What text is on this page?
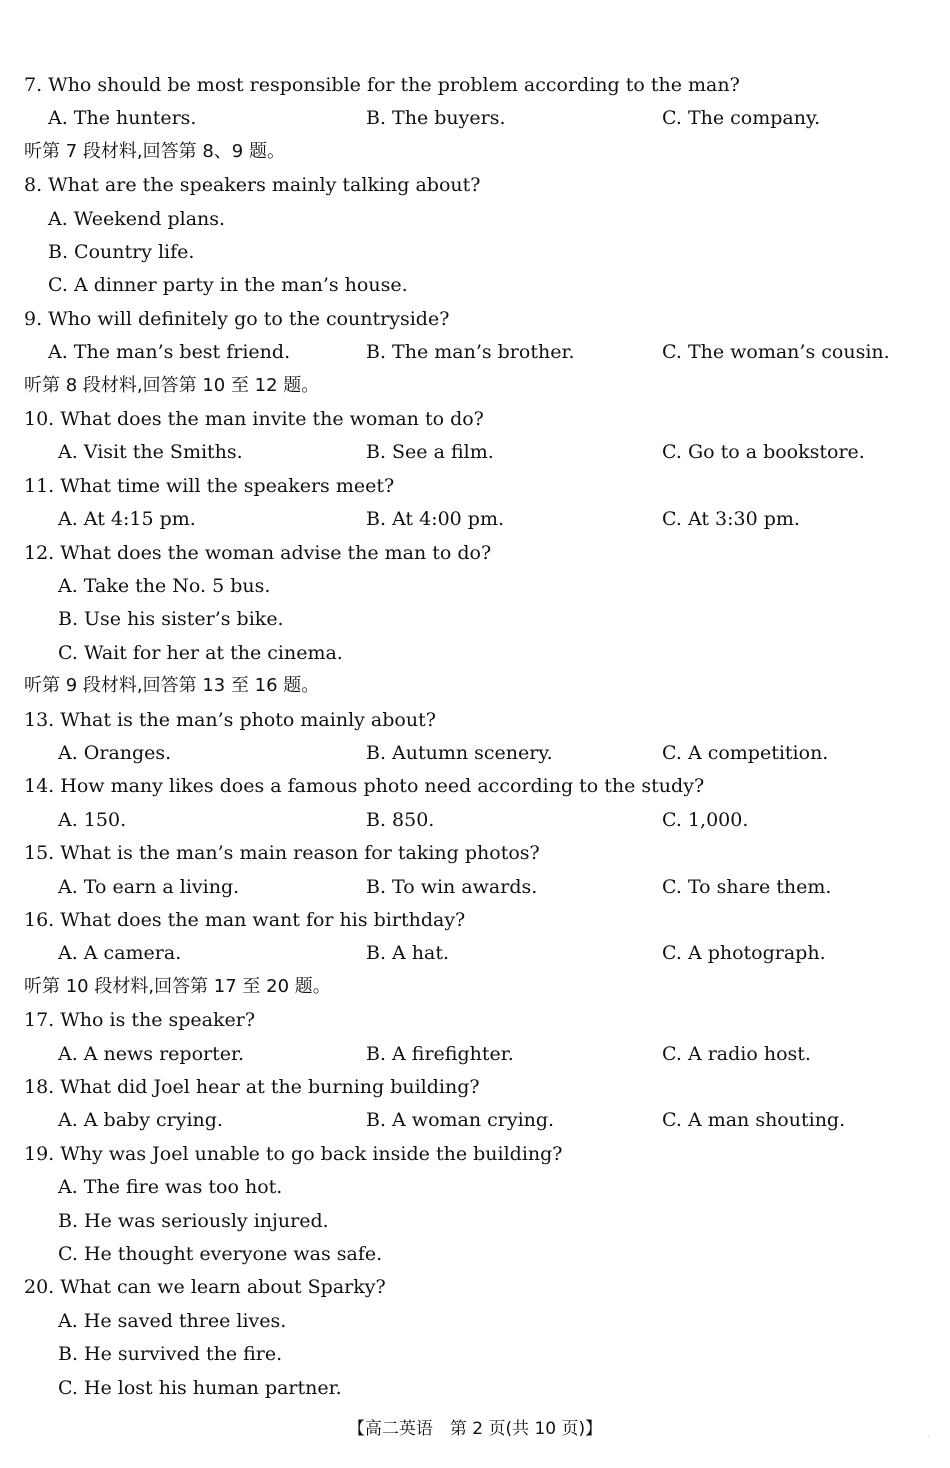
7. Who should be most responsible for the problem according to the man?
A. The hunters.	B. The buyers.	C. The company.
听第 7 段材料,回答第 8、9 题。
8. What are the speakers mainly talking about?
A. Weekend plans.
B. Country life.
C. A dinner party in the man’s house.
9. Who will definitely go to the countryside?
A. The man’s best friend.	B. The man’s brother.	C. The woman’s cousin.
听第 8 段材料,回答第 10 至 12 题。
10. What does the man invite the woman to do?
A. Visit the Smiths.	B. See a film.	C. Go to a bookstore.
11. What time will the speakers meet?
A. At 4:15 pm.	B. At 4:00 pm.	C. At 3:30 pm.
12. What does the woman advise the man to do?
A. Take the No. 5 bus.
B. Use his sister’s bike.
C. Wait for her at the cinema.
听第 9 段材料,回答第 13 至 16 题。
13. What is the man’s photo mainly about?
A. Oranges.	B. Autumn scenery.	C. A competition.
14. How many likes does a famous photo need according to the study?
A. 150.	B. 850.	C. 1,000.
15. What is the man’s main reason for taking photos?
A. To earn a living.	B. To win awards.	C. To share them.
16. What does the man want for his birthday?
A. A camera.	B. A hat.	C. A photograph.
听第 10 段材料,回答第 17 至 20 题。
17. Who is the speaker?
A. A news reporter.	B. A firefighter.	C. A radio host.
18. What did Joel hear at the burning building?
A. A baby crying.	B. A woman crying.	C. A man shouting.
19. Why was Joel unable to go back inside the building?
A. The fire was too hot.
B. He was seriously injured.
C. He thought everyone was safe.
20. What can we learn about Sparky?
A. He saved three lives.
B. He survived the fire.
C. He lost his human partner.
【高二英语　第 2 页(共 10 页)】	.
